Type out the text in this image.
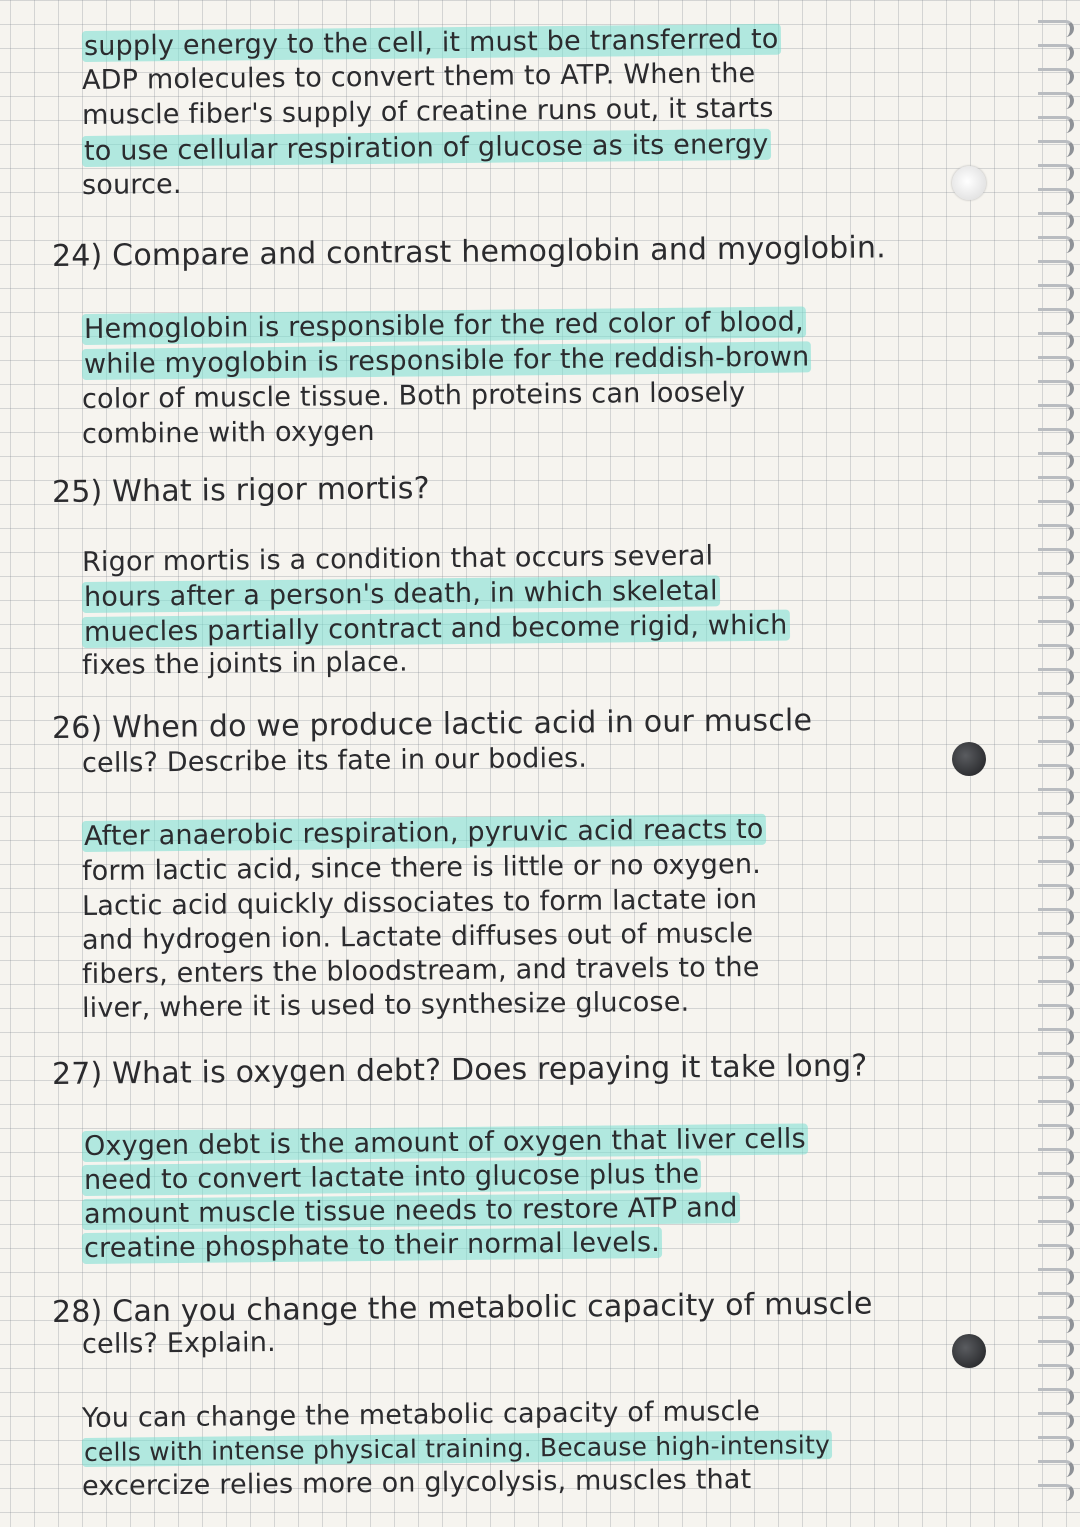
supply energy to the cell, it must be transferred to
ADP molecules to convert them to ATP. When the
muscle fiber's supply of creatine runs out, it starts
to use cellular respiration of glucose as its energy
source.
24) Compare and contrast hemoglobin and myoglobin.
Hemoglobin is responsible for the red color of blood,
while myoglobin is responsible for the reddish-brown
color of muscle tissue. Both proteins can loosely
combine with oxygen
25) What is rigor mortis?
Rigor mortis is a condition that occurs several
hours after a person's death, in which skeletal
muecles partially contract and become rigid, which
fixes the joints in place.
26) When do we produce lactic acid in our muscle
cells? Describe its fate in our bodies.
After anaerobic respiration, pyruvic acid reacts to
form lactic acid, since there is little or no oxygen.
Lactic acid quickly dissociates to form lactate ion
and hydrogen ion. Lactate diffuses out of muscle
fibers, enters the bloodstream, and travels to the
liver, where it is used to synthesize glucose.
27) What is oxygen debt? Does repaying it take long?
Oxygen debt is the amount of oxygen that liver cells
need to convert lactate into glucose plus the
amount muscle tissue needs to restore ATP and
creatine phosphate to their normal levels.
28) Can you change the metabolic capacity of muscle
cells? Explain.
You can change the metabolic capacity of muscle
cells with intense physical training. Because high-intensity
excercize relies more on glycolysis, muscles that
